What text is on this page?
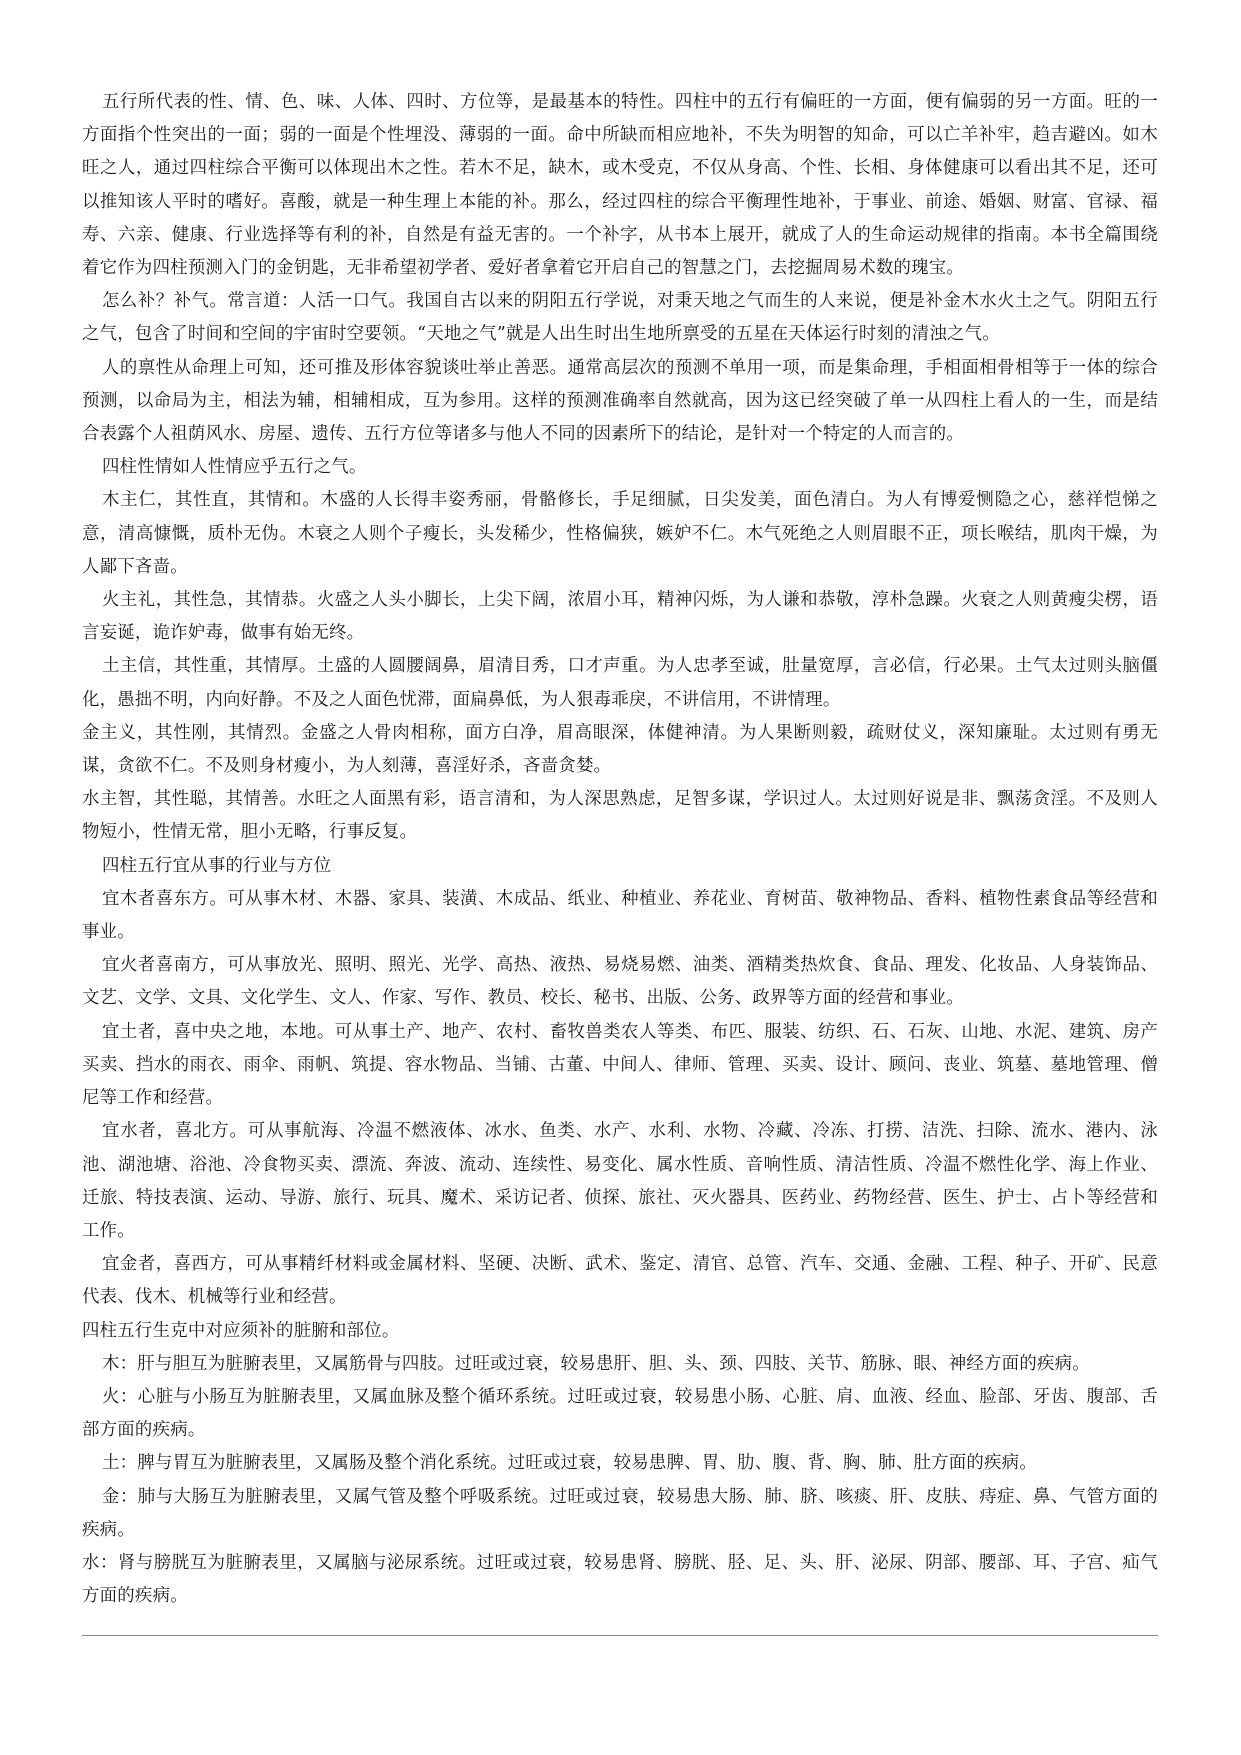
五行所代表的性、情、色、味、人体、四时、方位等，是最基本的特性。四柱中的五行有偏旺的一方面，便有偏弱的另一方面。旺的一方面指个性突出的一面；弱的一面是个性埋没、薄弱的一面。命中所缺而相应地补，不失为明智的知命，可以亡羊补牢，趋吉避凶。如木旺之人，通过四柱综合平衡可以体现出木之性。若木不足，缺木，或木受克，不仅从身高、个性、长相、身体健康可以看出其不足，还可以推知该人平时的嗜好。喜酸，就是一种生理上本能的补。那么，经过四柱的综合平衡理性地补，于事业、前途、婚姻、财富、官禄、福寿、六亲、健康、行业选择等有利的补，自然是有益无害的。一个补字，从书本上展开，就成了人的生命运动规律的指南。本书全篇围绕着它作为四柱预测入门的金钥匙，无非希望初学者、爱好者拿着它开启自己的智慧之门，去挖掘周易术数的瑰宝。

怎么补？补气。常言道：人活一口气。我国自古以来的阴阳五行学说，对秉天地之气而生的人来说，便是补金木水火土之气。阴阳五行之气，包含了时间和空间的宇宙时空要领。“天地之气”就是人出生时出生地所禀受的五星在天体运行时刻的清浊之气。

人的禀性从命理上可知，还可推及形体容貌谈吐举止善恶。通常高层次的预测不单用一项，而是集命理，手相面相骨相等于一体的综合预测，以命局为主，相法为辅，相辅相成，互为参用。这样的预测准确率自然就高，因为这已经突破了单一从四柱上看人的一生，而是结合表露个人祖荫风水、房屋、遗传、五行方位等诸多与他人不同的因素所下的结论，是针对一个特定的人而言的。

四柱性情如人性情应乎五行之气。

木主仁，其性直，其情和。木盛的人长得丰姿秀丽，骨骼修长，手足细腻，日尖发美，面色清白。为人有博爱恻隐之心，慈祥恺悌之意，清高慷慨，质朴无伪。木衰之人则个子瘦长，头发稀少，性格偏狭，嫉妒不仁。木气死绝之人则眉眼不正，项长喉结，肌肉干燥，为人鄙下吝啬。

火主礼，其性急，其情恭。火盛之人头小脚长，上尖下阔，浓眉小耳，精神闪烁，为人谦和恭敬，淳朴急躁。火衰之人则黄瘦尖楞，语言妄诞，诡诈妒毒，做事有始无终。

土主信，其性重，其情厚。土盛的人圆腰阔鼻，眉清目秀，口才声重。为人忠孝至诚，肚量宽厚，言必信，行必果。土气太过则头脑僵化，愚拙不明，内向好静。不及之人面色忧滞，面扁鼻低，为人狠毒乖戾，不讲信用，不讲情理。

金主义，其性刚，其情烈。金盛之人骨肉相称，面方白净，眉高眼深，体健神清。为人果断则毅，疏财仗义，深知廉耻。太过则有勇无谋，贪欲不仁。不及则身材瘦小，为人刻薄，喜淫好杀，吝啬贪婪。

水主智，其性聪，其情善。水旺之人面黑有彩，语言清和，为人深思熟虑，足智多谋，学识过人。太过则好说是非、飘荡贪淫。不及则人物短小，性情无常，胆小无略，行事反复。

四柱五行宜从事的行业与方位

宜木者喜东方。可从事木材、木器、家具、装潢、木成品、纸业、种植业、养花业、育树苗、敬神物品、香料、植物性素食品等经营和事业。

宜火者喜南方，可从事放光、照明、照光、光学、高热、液热、易烧易燃、油类、酒精类热炊食、食品、理发、化妆品、人身装饰品、文艺、文学、文具、文化学生、文人、作家、写作、教员、校长、秘书、出版、公务、政界等方面的经营和事业。

宜土者，喜中央之地，本地。可从事土产、地产、农村、畜牧兽类农人等类、布匹、服装、纺织、石、石灰、山地、水泥、建筑、房产买卖、挡水的雨衣、雨伞、雨帆、筑提、容水物品、当铺、古董、中间人、律师、管理、买卖、设计、顾问、丧业、筑墓、墓地管理、僧尼等工作和经营。

宜水者，喜北方。可从事航海、冷温不燃液体、冰水、鱼类、水产、水利、水物、冷藏、冷冻、打捞、洁洗、扫除、流水、港内、泳池、湖池塘、浴池、冷食物买卖、漂流、奔波、流动、连续性、易变化、属水性质、音响性质、清洁性质、冷温不燃性化学、海上作业、迁旅、特技表演、运动、导游、旅行、玩具、魔术、采访记者、侦探、旅社、灭火器具、医药业、药物经营、医生、护士、占卜等经营和工作。

宜金者，喜西方，可从事精纤材料或金属材料、坚硬、决断、武术、鉴定、清官、总管、汽车、交通、金融、工程、种子、开矿、民意代表、伐木、机械等行业和经营。

四柱五行生克中对应须补的脏腑和部位。

木：肝与胆互为脏腑表里，又属筋骨与四肢。过旺或过衰，较易患肝、胆、头、颈、四肢、关节、筋脉、眼、神经方面的疾病。

火：心脏与小肠互为脏腑表里，又属血脉及整个循环系统。过旺或过衰，较易患小肠、心脏、肩、血液、经血、脸部、牙齿、腹部、舌部方面的疾病。

土：脾与胃互为脏腑表里，又属肠及整个消化系统。过旺或过衰，较易患脾、胃、肋、腹、背、胸、肺、肚方面的疾病。

金：肺与大肠互为脏腑表里，又属气管及整个呼吸系统。过旺或过衰，较易患大肠、肺、脐、咳痰、肝、皮肤、痔症、鼻、气管方面的疾病。

水：肾与膀胱互为脏腑表里，又属脑与泌尿系统。过旺或过衰，较易患肾、膀胱、胫、足、头、肝、泌尿、阴部、腰部、耳、子宫、疝气方面的疾病。
